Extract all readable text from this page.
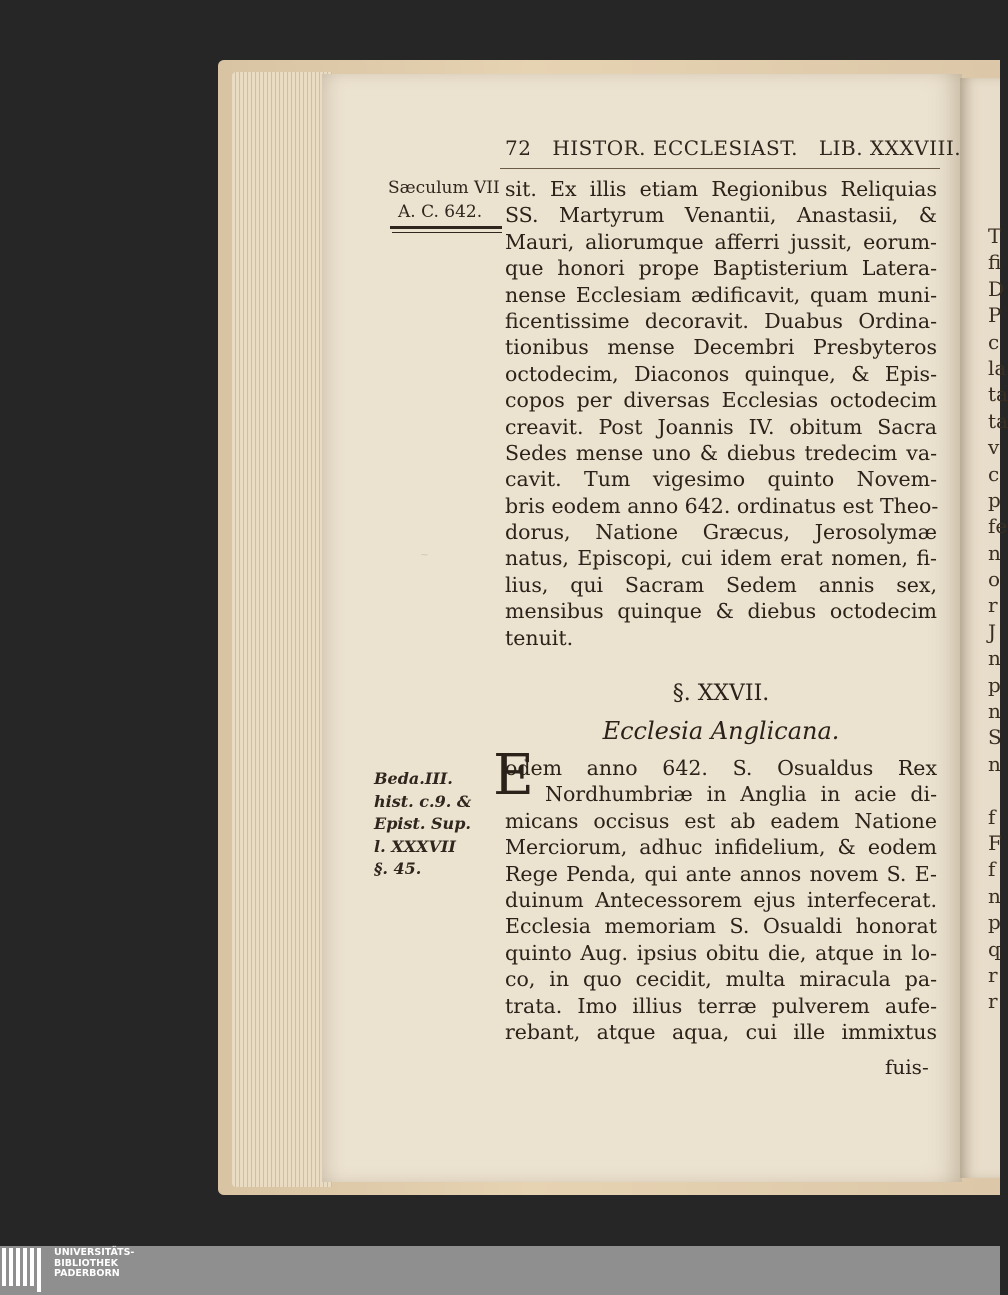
T
fi
D
P
c
la
ta
ta
v
c
p
fe
n
o
r
J
n
p
n
S
n
f
F
f
n
p
q
r
r
72 HISTOR. ECCLESIAST. LIB. XXXVIII.
Sæculum VII
A. C. 642.
~
sit. Ex illis etiam Regionibus Reliquias
SS. Martyrum Venantii, Anastasii, &
Mauri, aliorumque afferri jussit, eorum-
que honori prope Baptisterium Latera-
nense Ecclesiam ædificavit, quam muni-
ficentissime decoravit. Duabus Ordina-
tionibus mense Decembri Presbyteros
octodecim, Diaconos quinque, & Epis-
copos per diversas Ecclesias octodecim
creavit. Post Joannis IV. obitum Sacra
Sedes mense uno & diebus tredecim va-
cavit. Tum vigesimo quinto Novem-
bris eodem anno 642. ordinatus est Theo-
dorus, Natione Græcus, Jerosolymæ
natus, Episcopi, cui idem erat nomen, fi-
lius, qui Sacram Sedem annis sex,
mensibus quinque & diebus octodecim
tenuit.
§. XXVII.
Ecclesia Anglicana.
Beda.III.
hist. c.9. &
Epist. Sup.
l. XXXVII
§. 45.
E
odem anno 642. S. Osualdus Rex
Nordhumbriæ in Anglia in acie di-
micans occisus est ab eadem Natione
Merciorum, adhuc infidelium, & eodem
Rege Penda, qui ante annos novem S. E-
duinum Antecessorem ejus interfecerat.
Ecclesia memoriam S. Osualdi honorat
quinto Aug. ipsius obitu die, atque in lo-
co, in quo cecidit, multa miracula pa-
trata. Imo illius terræ pulverem aufe-
rebant, atque aqua, cui ille immixtus
fuis-
UNIVERSITÄTS-
BIBLIOTHEK
PADERBORN
